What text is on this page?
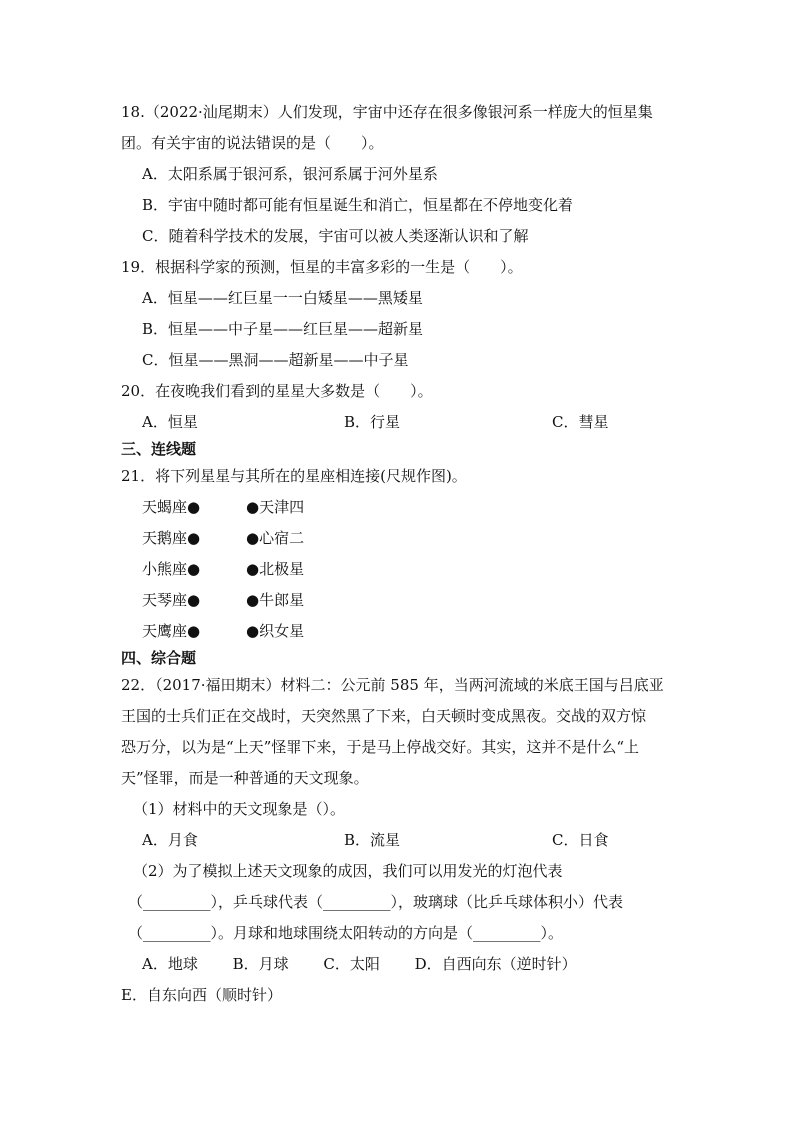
18.（2022·汕尾期末）人们发现，宇宙中还存在很多像银河系一样庞大的恒星集
团。有关宇宙的说法错误的是（　　）。
A．太阳系属于银河系，银河系属于河外星系
B．宇宙中随时都可能有恒星诞生和消亡，恒星都在不停地变化着
C．随着科学技术的发展，宇宙可以被人类逐渐认识和了解
19．根据科学家的预测，恒星的丰富多彩的一生是（　　）。
A．恒星——红巨星一一白矮星——黑矮星
B．恒星——中子星——红巨星——超新星
C．恒星——黑洞——超新星——中子星
20．在夜晚我们看到的星星大多数是（　　）。
A．恒星	B．行星	C．彗星
三、连线题
21．将下列星星与其所在的星座相连接(尺规作图)。
天蝎座●	●天津四
天鹅座●	●心宿二
小熊座●	●北极星
天琴座●	●牛郎星
天鹰座●	●织女星
四、综合题
22．（2017·福田期末）材料二：公元前 585 年，当两河流域的米底王国与吕底亚
王国的士兵们正在交战时，天突然黑了下来，白天顿时变成黑夜。交战的双方惊
恐万分，以为是“上天”怪罪下来，于是马上停战交好。其实，这并不是什么“上
天”怪罪，而是一种普通的天文现象。
（1）材料中的天文现象是（）。
A．月食	B．流星	C．日食
（2）为了模拟上述天文现象的成因，我们可以用发光的灯泡代表
（_________），乒乓球代表（_________），玻璃球（比乒乓球体积小）代表
（_________）。月球和地球围绕太阳转动的方向是（_________）。
A．地球　　 B．月球　　 C．太阳　　 D．自西向东（逆时针）
E．自东向西（顺时针）
